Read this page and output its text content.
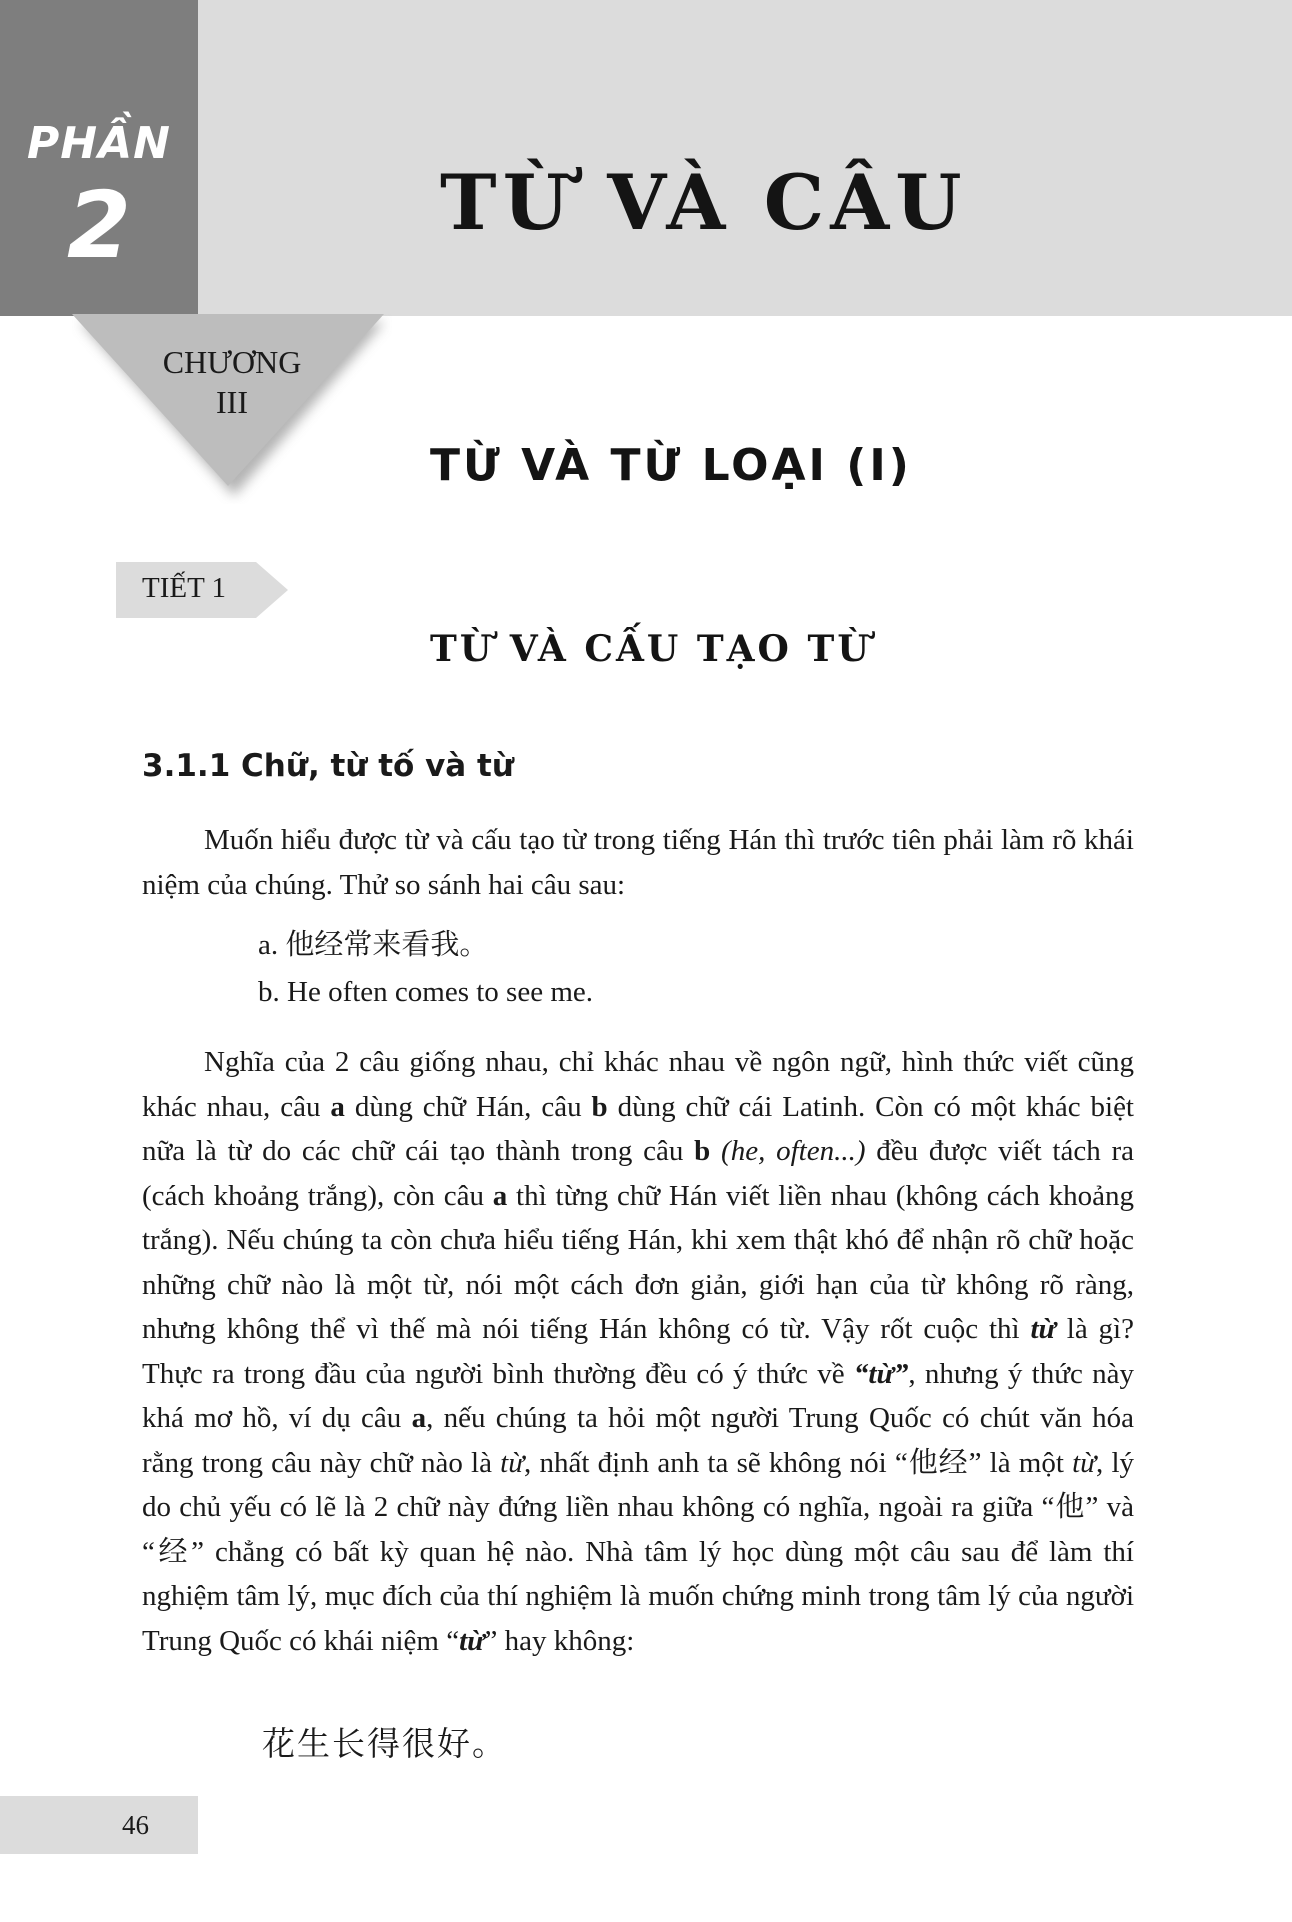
PHẦN
2	TỪ VÀ CÂU
CHƯƠNG
III
TỪ VÀ TỪ LOẠI (I)
TIẾT 1
TỪ VÀ CẤU TẠO TỪ
3.1.1 Chữ, từ tố và từ

Muốn hiểu được từ và cấu tạo từ trong tiếng Hán thì trước tiên phải làm rõ khái niệm của chúng. Thử so sánh hai câu sau:

a. 他经常来看我。
b. He often comes to see me.

Nghĩa của 2 câu giống nhau, chỉ khác nhau về ngôn ngữ, hình thức viết cũng khác nhau, câu a dùng chữ Hán, câu b dùng chữ cái Latinh. Còn có một khác biệt nữa là từ do các chữ cái tạo thành trong câu b (he, often...) đều được viết tách ra (cách khoảng trắng), còn câu a thì từng chữ Hán viết liền nhau (không cách khoảng trắng). Nếu chúng ta còn chưa hiểu tiếng Hán, khi xem thật khó để nhận rõ chữ hoặc những chữ nào là một từ, nói một cách đơn giản, giới hạn của từ không rõ ràng, nhưng không thể vì thế mà nói tiếng Hán không có từ. Vậy rốt cuộc thì từ là gì? Thực ra trong đầu của người bình thường đều có ý thức về “từ”, nhưng ý thức này khá mơ hồ, ví dụ câu a, nếu chúng ta hỏi một người Trung Quốc có chút văn hóa rằng trong câu này chữ nào là từ, nhất định anh ta sẽ không nói “他经” là một từ, lý do chủ yếu có lẽ là 2 chữ này đứng liền nhau không có nghĩa, ngoài ra giữa “他” và “经” chẳng có bất kỳ quan hệ nào. Nhà tâm lý học dùng một câu sau để làm thí nghiệm tâm lý, mục đích của thí nghiệm là muốn chứng minh trong tâm lý của người Trung Quốc có khái niệm “từ” hay không:

花生长得很好。
46
